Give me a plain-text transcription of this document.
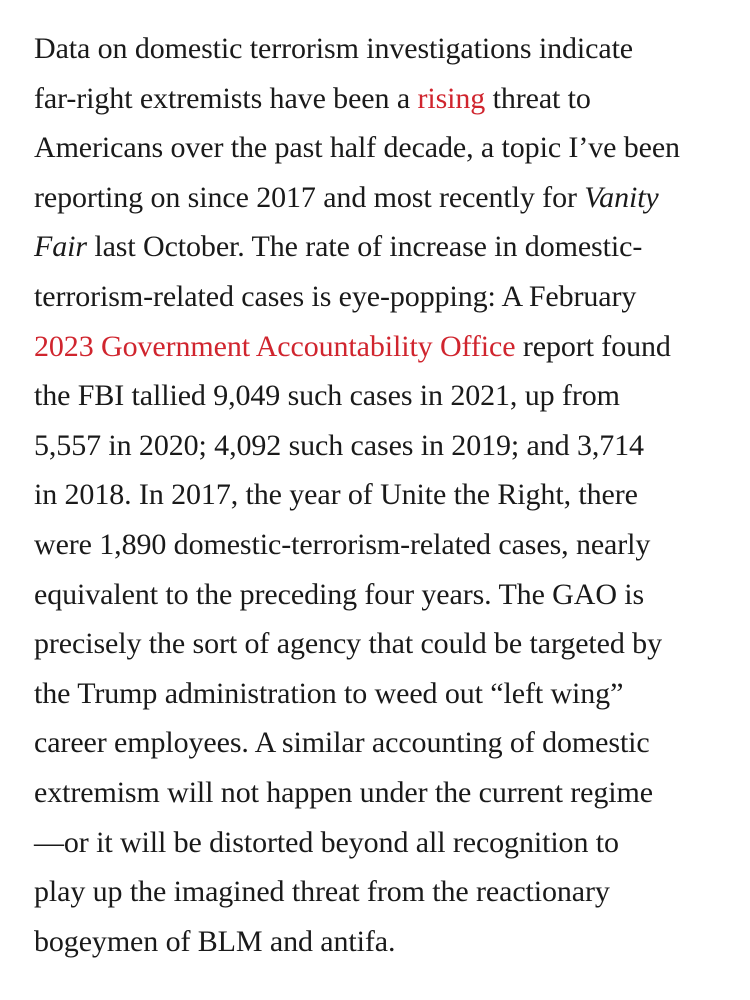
Data on domestic terrorism investigations indicate
far-right extremists have been a rising threat to
Americans over the past half decade, a topic I’ve been
reporting on since 2017 and most recently for Vanity
Fair last October. The rate of increase in domestic-
terrorism-related cases is eye-popping: A February
2023 Government Accountability Office report found
the FBI tallied 9,049 such cases in 2021, up from
5,557 in 2020; 4,092 such cases in 2019; and 3,714
in 2018. In 2017, the year of Unite the Right, there
were 1,890 domestic-terrorism-related cases, nearly
equivalent to the preceding four years. The GAO is
precisely the sort of agency that could be targeted by
the Trump administration to weed out “left wing”
career employees. A similar accounting of domestic
extremism will not happen under the current regime
—or it will be distorted beyond all recognition to
play up the imagined threat from the reactionary
bogeymen of BLM and antifa.
